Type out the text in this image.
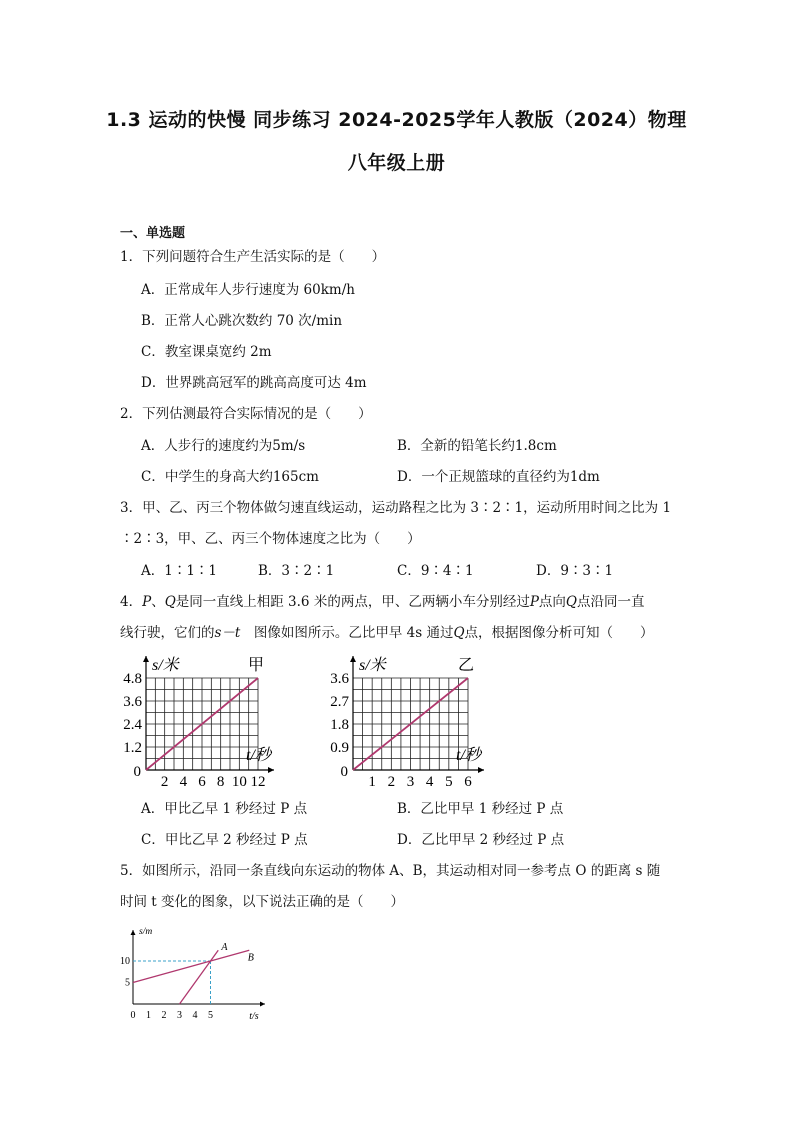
1.3 运动的快慢 同步练习 2024-2025学年人教版（2024）物理
八年级上册
一、单选题
1．下列问题符合生产生活实际的是（　　）
A．正常成年人步行速度为 60km/h
B．正常人心跳次数约 70 次/min
C．教室课桌宽约 2m
D．世界跳高冠军的跳高高度可达 4m
2．下列估测最符合实际情况的是（　　）
A．人步行的速度约为5m/s	B．全新的铅笔长约1.8cm
C．中学生的身高大约165cm	D．一个正规篮球的直径约为1dm
3．甲、乙、丙三个物体做匀速直线运动，运动路程之比为 3∶2∶1，运动所用时间之比为 1
∶2∶3，甲、乙、丙三个物体速度之比为（　　）
A．1∶1∶1	B．3∶2∶1	C．9∶4∶1	D．9∶3∶1
4．P、Q是同一直线上相距 3.6 米的两点，甲、乙两辆小车分别经过P点向Q点沿同一直
线行驶，它们的s－t  图像如图所示。乙比甲早 4s 通过Q点，根据图像分析可知（　　）
2 4 6 8 10 12
4.8
3.6
2.4
1.2
0
s/米
t/秒
甲
1 2 3 4 5 6
3.6
2.7
1.8
0.9
0
s/米
t/秒
乙
A．甲比乙早 1 秒经过 P 点	B．乙比甲早 1 秒经过 P 点
C．甲比乙早 2 秒经过 P 点	D．乙比甲早 2 秒经过 P 点
5．如图所示，沿同一条直线向东运动的物体 A、B，其运动相对同一参考点 O 的距离 s 随
时间 t 变化的图象，以下说法正确的是（　　）
0 1 2 3 4 5
10
5
s/m
t/s
A
B
